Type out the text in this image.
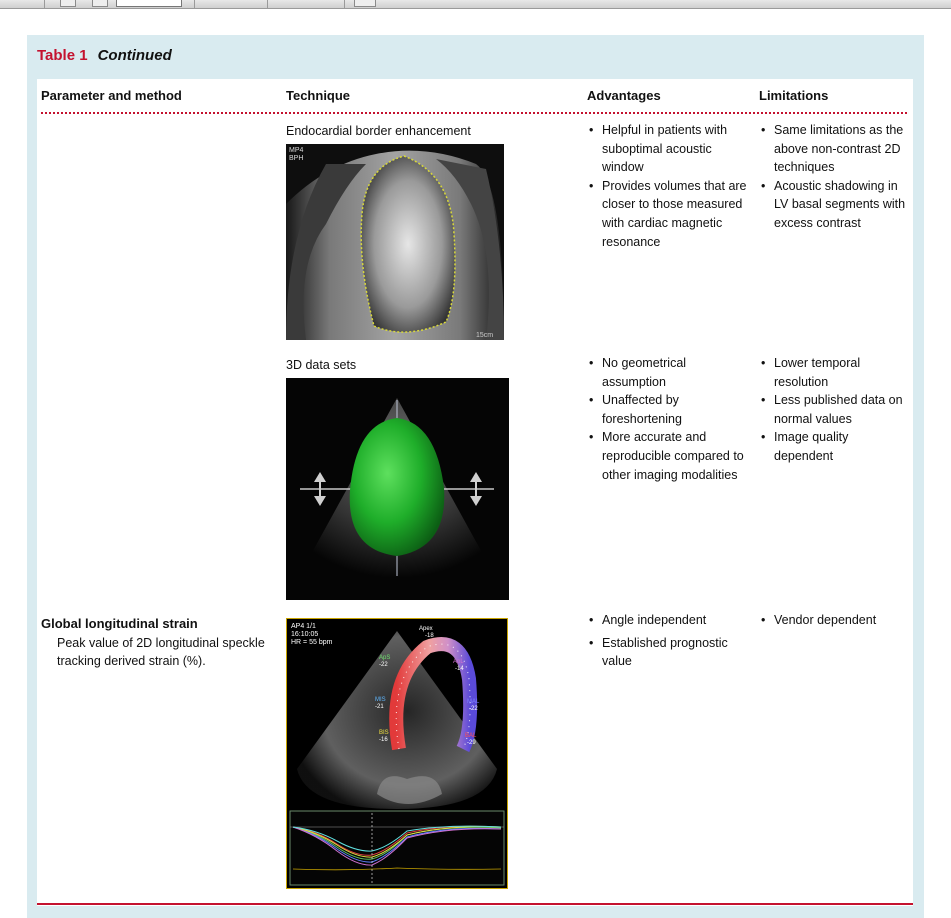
Table 1 Continued
Parameter and method	Technique	Advantages	Limitations
Endocardial border enhancement
MP4
BPH
15cm
• Helpful in patients with suboptimal acoustic window
• Provides volumes that are closer to those measured with cardiac magnetic resonance
• Same limitations as the above non-contrast 2D techniques
• Acoustic shadowing in LV basal segments with excess contrast
3D data sets
•	No geometrical assumption
• Unaffected by foreshortening
• More accurate and reproducible compared to other imaging modalities
• Lower temporal resolution
• Less published data on normal values
• Image quality dependent
Global longitudinal strain
Peak value of 2D longitudinal speckle tracking derived strain (%).
AP4 1/1
16:10:05
HR = 55 bpm
Apex
-18
ApS
-22
MIS
-21
BIS
-16
ApL
-14
MAL
-22
BAL
-29
• Angle independent
• Established prognostic value
• Vendor dependent
